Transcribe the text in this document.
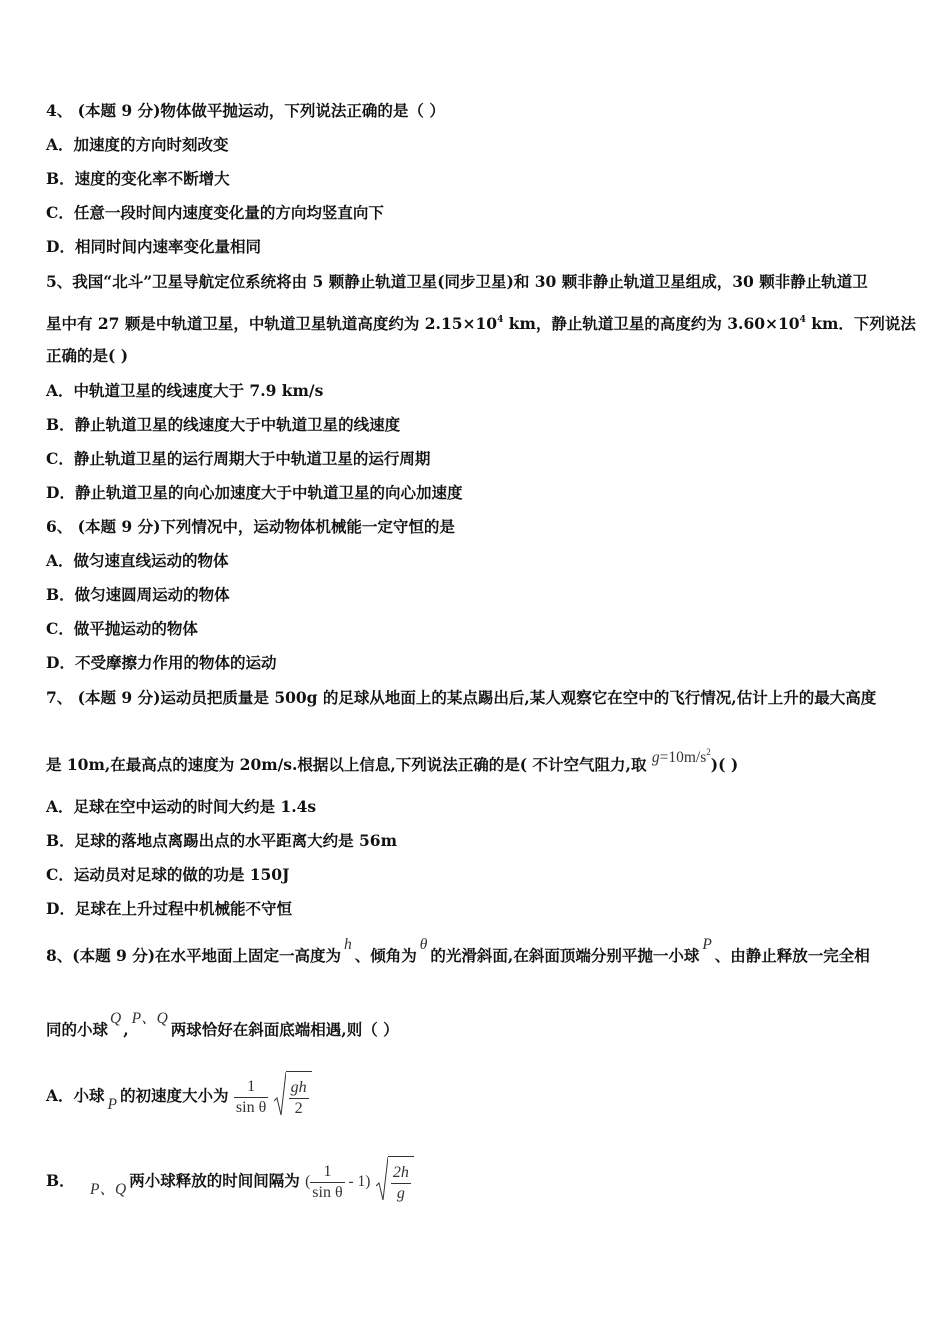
4、 (本题 9 分)物体做平抛运动，下列说法正确的是（ ）
A．加速度的方向时刻改变
B．速度的变化率不断增大
C．任意一段时间内速度变化量的方向均竖直向下
D．相同时间内速率变化量相同
5、我国“北斗”卫星导航定位系统将由 5 颗静止轨道卫星(同步卫星)和 30 颗非静止轨道卫星组成，30 颗非静止轨道卫
星中有 27 颗是中轨道卫星，中轨道卫星轨道高度约为 $2.15\times 10^4$ km，静止轨道卫星的高度约为 $3.60\times 10^4$ km．下列说法
正确的是( )
A．中轨道卫星的线速度大于 7.9 km/s
B．静止轨道卫星的线速度大于中轨道卫星的线速度
C．静止轨道卫星的运行周期大于中轨道卫星的运行周期
D．静止轨道卫星的向心加速度大于中轨道卫星的向心加速度
6、 (本题 9 分)下列情况中，运动物体机械能一定守恒的是
A．做匀速直线运动的物体
B．做匀速圆周运动的物体
C．做平抛运动的物体
D．不受摩擦力作用的物体的运动
7、 (本题 9 分)运动员把质量是 500g 的足球从地面上的某点踢出后,某人观察它在空中的飞行情况,估计上升的最大高度
是 10m,在最高点的速度为 20m/s.根据以上信息,下列说法正确的是( 不计空气阻力,取 $g=10m/s^2$)( )
A．足球在空中运动的时间大约是 1.4s
B．足球的落地点离踢出点的水平距离大约是 56m
C．运动员对足球的做的功是 150J
D．足球在上升过程中机械能不守恒
8、(本题 9 分)在水平地面上固定一高度为h、倾角为θ的光滑斜面,在斜面顶端分别平抛一小球P、由静止释放一完全相
同的小球Q,P、Q两球恰好在斜面底端相遇,则（ ）
A．小球 P 的初速度大小为 $\frac{1}{\text{sin θ}}$
$\frac{gh}{2}$
B． P、Q 两小球释放的时间间隔为 ( $\frac{1}{\text{sin θ}} - 1) \frac{2h}{g}$
